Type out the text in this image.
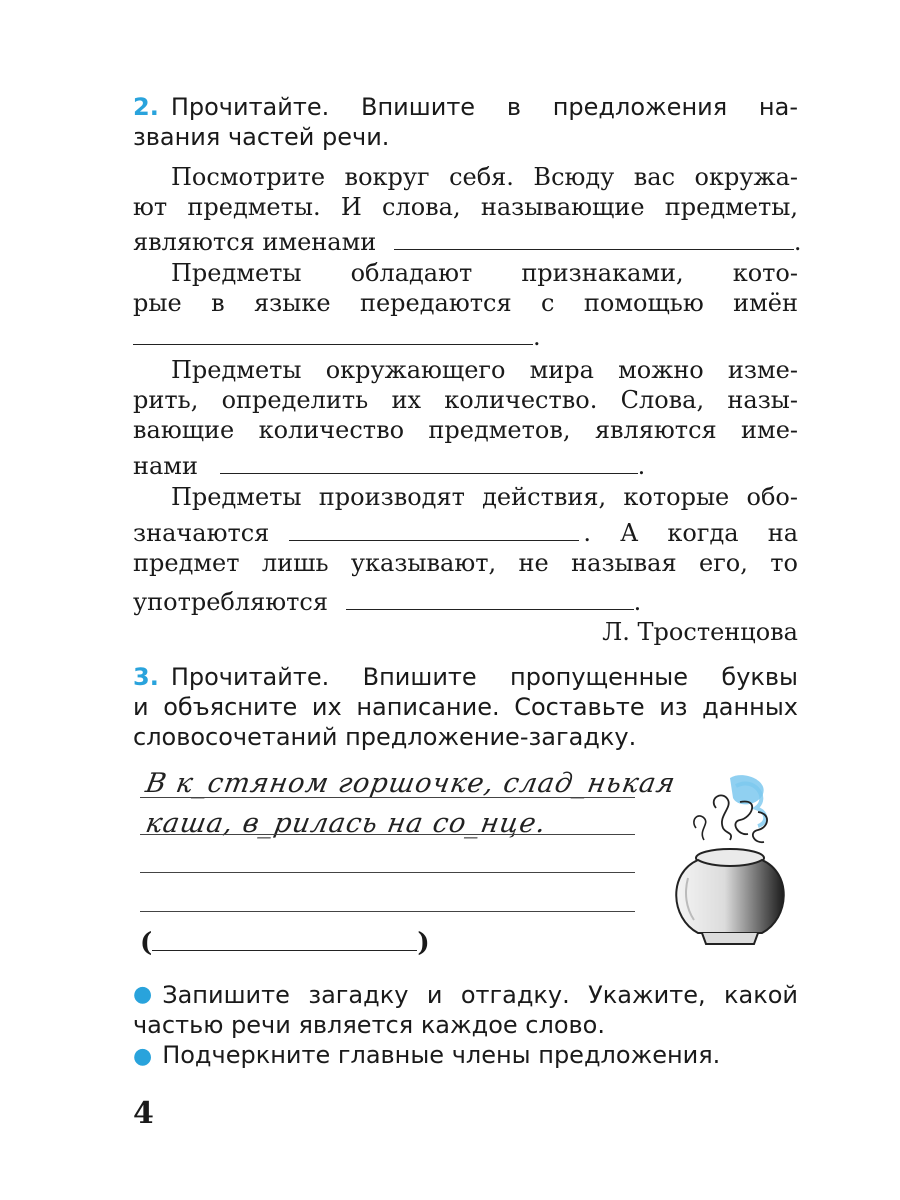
2. Прочитайте. Впишите в предложения на-
звания частей речи.
Посмотрите вокруг себя. Всюду вас окружа-
ют предметы. И слова, называющие предметы,
являются именами	.
Предметы обладают признаками, кото-
рые в языке передаются с помощью имён
.
Предметы окружающего мира можно изме-
рить, определить их количество. Слова, назы-
вающие количество предметов, являются име-
нами	.
Предметы производят действия, которые обо-
значаются	. А когда на
предмет лишь указывают, не называя его, то
употребляются	.
Л. Тростенцова
3. Прочитайте. Впишите пропущенные буквы
и объясните их написание. Составьте из данных
словосочетаний предложение-загадку.
В к_стяном горшочке, слад_нькая
каша, в_рилась на со_нце.
(	)
● Запишите загадку и отгадку. Укажите, какой
частью речи является каждое слово.
● Подчеркните главные члены предложения.
4
